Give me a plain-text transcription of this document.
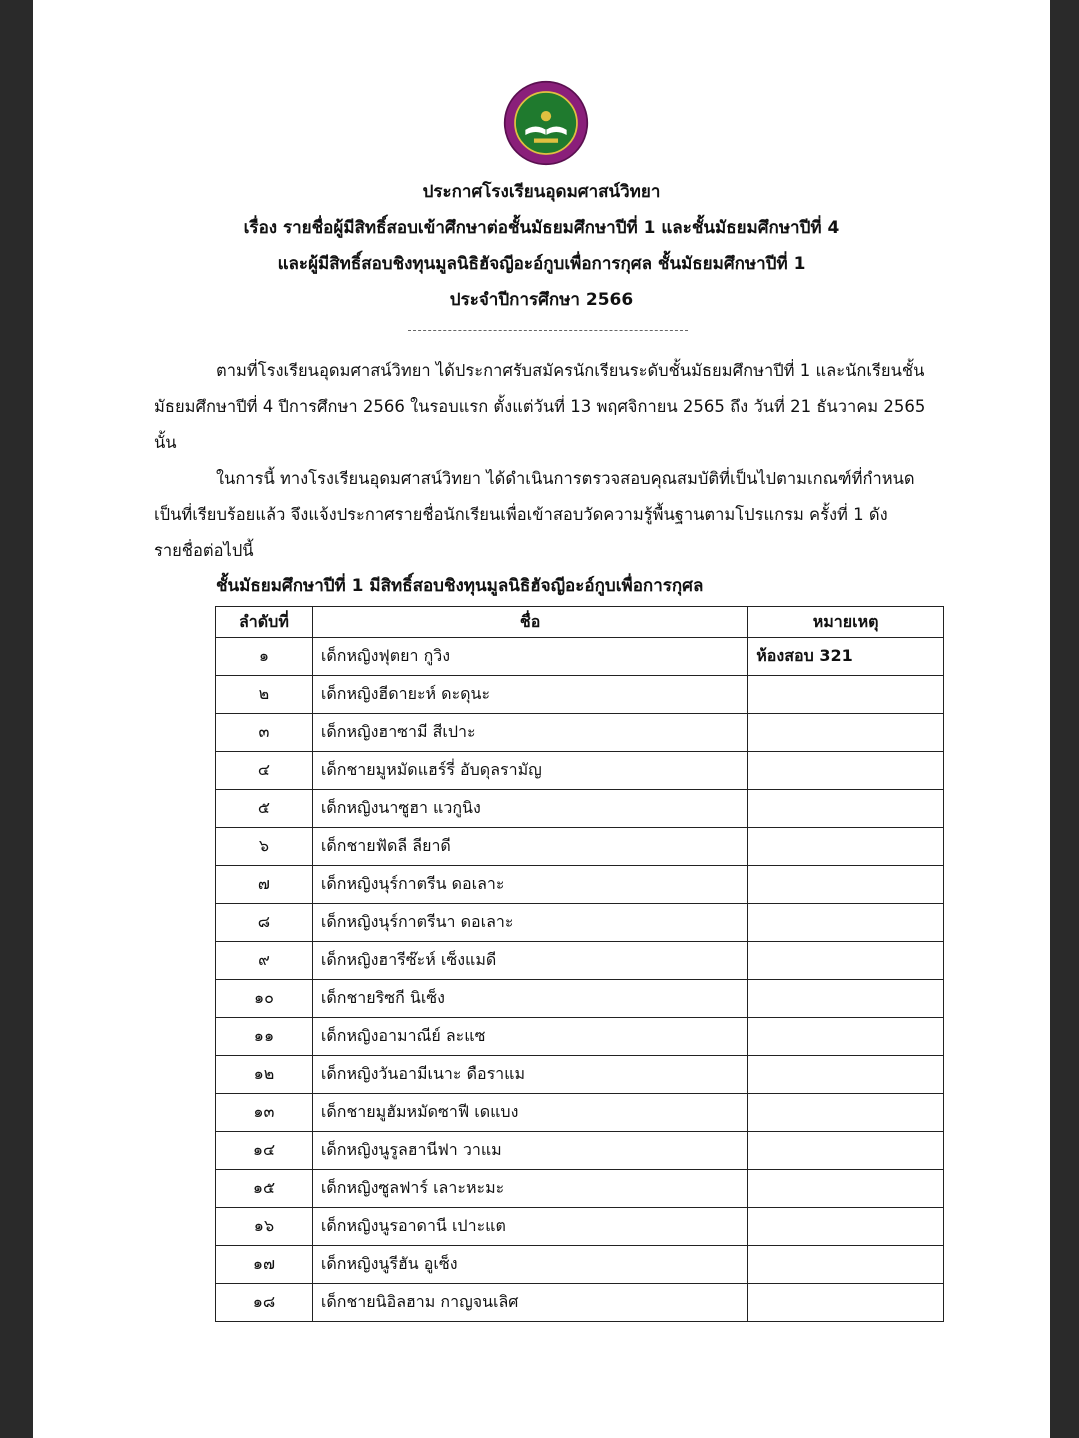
ประกาศโรงเรียนอุดมศาสน์วิทยา
เรื่อง รายชื่อผู้มีสิทธิ์สอบเข้าศึกษาต่อชั้นมัธยมศึกษาปีที่ 1 และชั้นมัธยมศึกษาปีที่ 4
และผู้มีสิทธิ์สอบชิงทุนมูลนิธิฮัจญีอะอ์กูบเพื่อการกุศล ชั้นมัธยมศึกษาปีที่ 1
ประจำปีการศึกษา 2566
ตามที่โรงเรียนอุดมศาสน์วิทยา ได้ประกาศรับสมัครนักเรียนระดับชั้นมัธยมศึกษาปีที่ 1 และนักเรียนชั้น
มัธยมศึกษาปีที่ 4 ปีการศึกษา 2566 ในรอบแรก ตั้งแต่วันที่ 13 พฤศจิกายน 2565 ถึง วันที่ 21 ธันวาคม 2565
นั้น
ในการนี้ ทางโรงเรียนอุดมศาสน์วิทยา ได้ดำเนินการตรวจสอบคุณสมบัติที่เป็นไปตามเกณฑ์ที่กำหนด
เป็นที่เรียบร้อยแล้ว จึงแจ้งประกาศรายชื่อนักเรียนเพื่อเข้าสอบวัดความรู้พื้นฐานตามโปรแกรม ครั้งที่ 1 ดัง
รายชื่อต่อไปนี้
ชั้นมัธยมศึกษาปีที่ 1 มีสิทธิ์สอบชิงทุนมูลนิธิฮัจญีอะอ์กูบเพื่อการกุศล
ลำดับที่	ชื่อ	หมายเหตุ
๑	เด็กหญิงฟุตยา กูวิง	ห้องสอบ 321
๒	เด็กหญิงฮีดายะห์ ดะดุนะ	
๓	เด็กหญิงฮาซามี สีเปาะ	
๔	เด็กชายมูหมัดแฮร์รี่ อับดุลรามัญ	
๕	เด็กหญิงนาซูฮา แวกูนิง	
๖	เด็กชายฟัดลี ลียาดี	
๗	เด็กหญิงนุร์กาตรีน ดอเลาะ	
๘	เด็กหญิงนุร์กาตรีนา ดอเลาะ	
๙	เด็กหญิงฮารีซ๊ะห์ เซ็งแมดี	
๑๐	เด็กชายริซกี นิเซ็ง	
๑๑	เด็กหญิงอามาณีย์ ละแซ	
๑๒	เด็กหญิงวันอามีเนาะ ดือราแม	
๑๓	เด็กชายมูฮัมหมัดซาฟี เดแบง	
๑๔	เด็กหญิงนูรูลฮานีฟา วาแม	
๑๕	เด็กหญิงซูลฟาร์ เลาะหะมะ	
๑๖	เด็กหญิงนูรอาดานี เปาะแต	
๑๗	เด็กหญิงนูรีฮัน อูเซ็ง	
๑๘	เด็กชายนิอิลฮาม กาญจนเลิศ	
